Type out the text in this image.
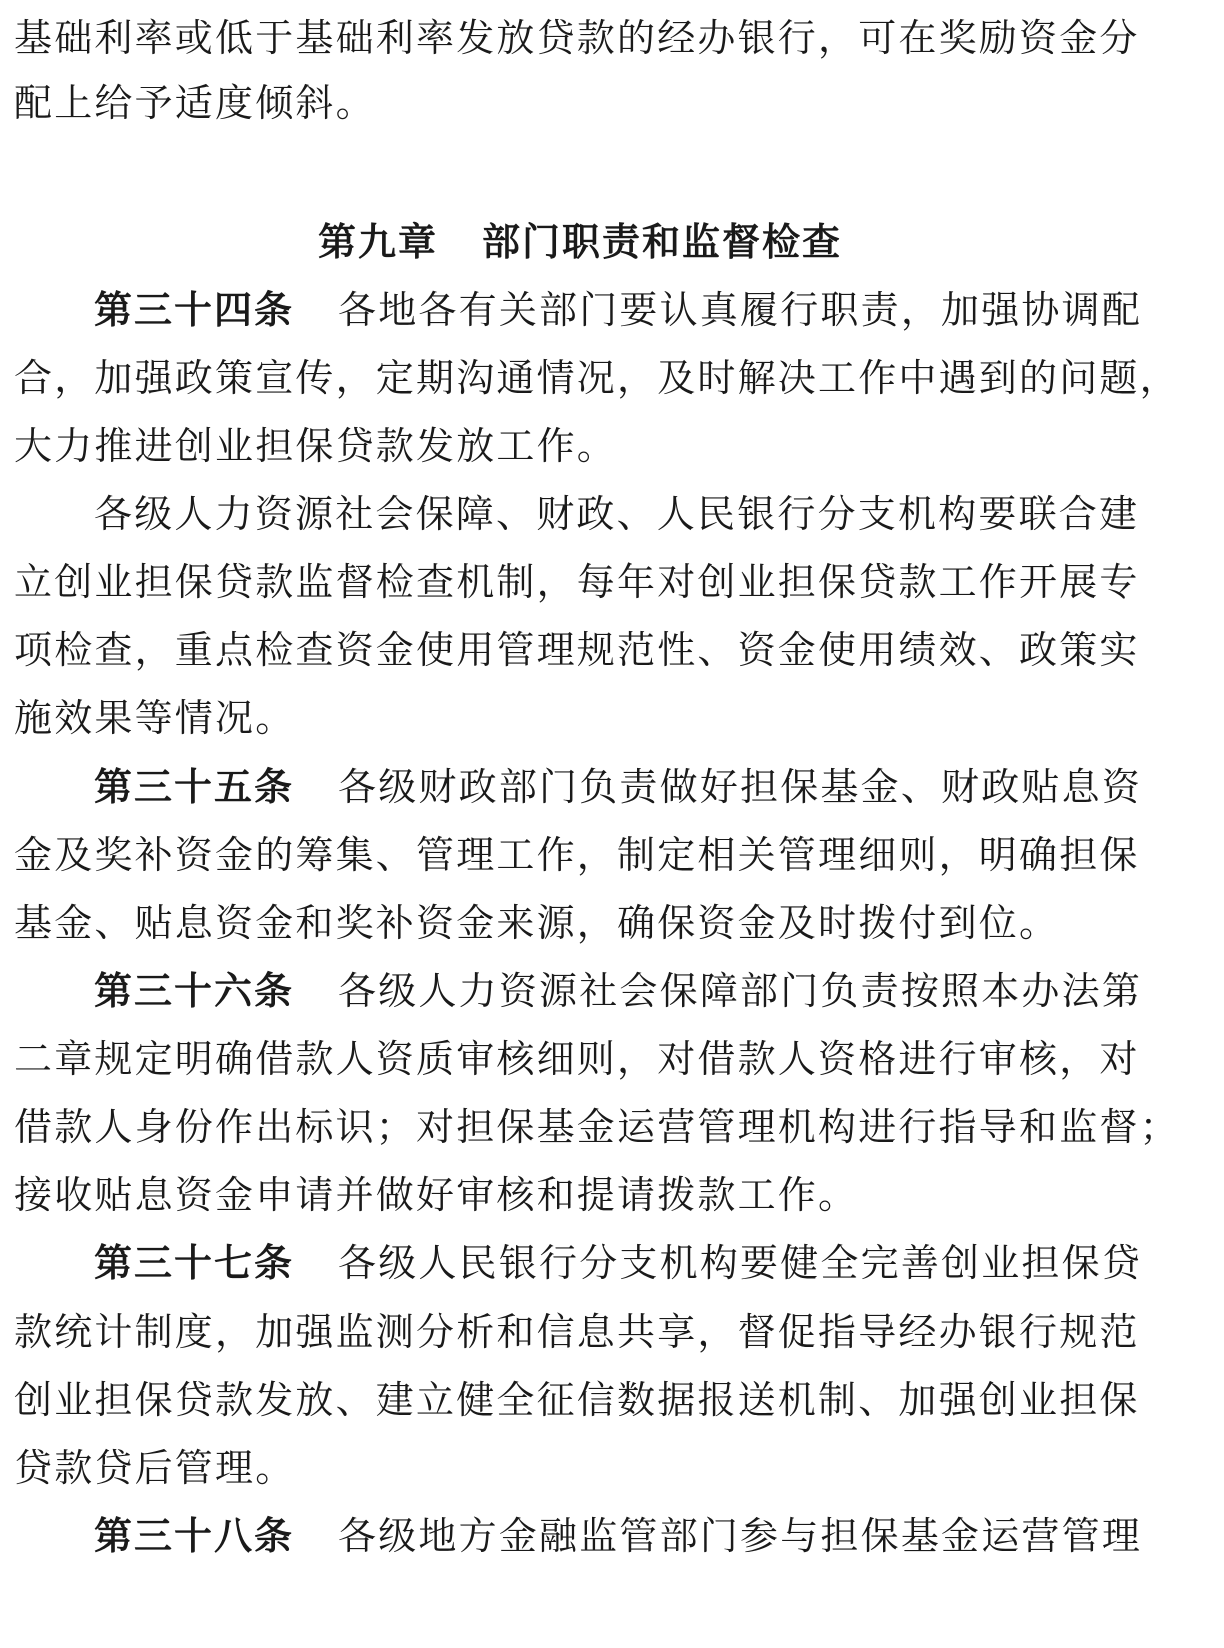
基础利率或低于基础利率发放贷款的经办银行，可在奖励资金分
配上给予适度倾斜。
第九章 部门职责和监督检查
第三十四条 各地各有关部门要认真履行职责，加强协调配
合，加强政策宣传，定期沟通情况，及时解决工作中遇到的问题，
大力推进创业担保贷款发放工作。
各级人力资源社会保障、财政、人民银行分支机构要联合建
立创业担保贷款监督检查机制，每年对创业担保贷款工作开展专
项检查，重点检查资金使用管理规范性、资金使用绩效、政策实
施效果等情况。
第三十五条 各级财政部门负责做好担保基金、财政贴息资
金及奖补资金的筹集、管理工作，制定相关管理细则，明确担保
基金、贴息资金和奖补资金来源，确保资金及时拨付到位。
第三十六条 各级人力资源社会保障部门负责按照本办法第
二章规定明确借款人资质审核细则，对借款人资格进行审核，对
借款人身份作出标识；对担保基金运营管理机构进行指导和监督；
接收贴息资金申请并做好审核和提请拨款工作。
第三十七条 各级人民银行分支机构要健全完善创业担保贷
款统计制度，加强监测分析和信息共享，督促指导经办银行规范
创业担保贷款发放、建立健全征信数据报送机制、加强创业担保
贷款贷后管理。
第三十八条 各级地方金融监管部门参与担保基金运营管理
